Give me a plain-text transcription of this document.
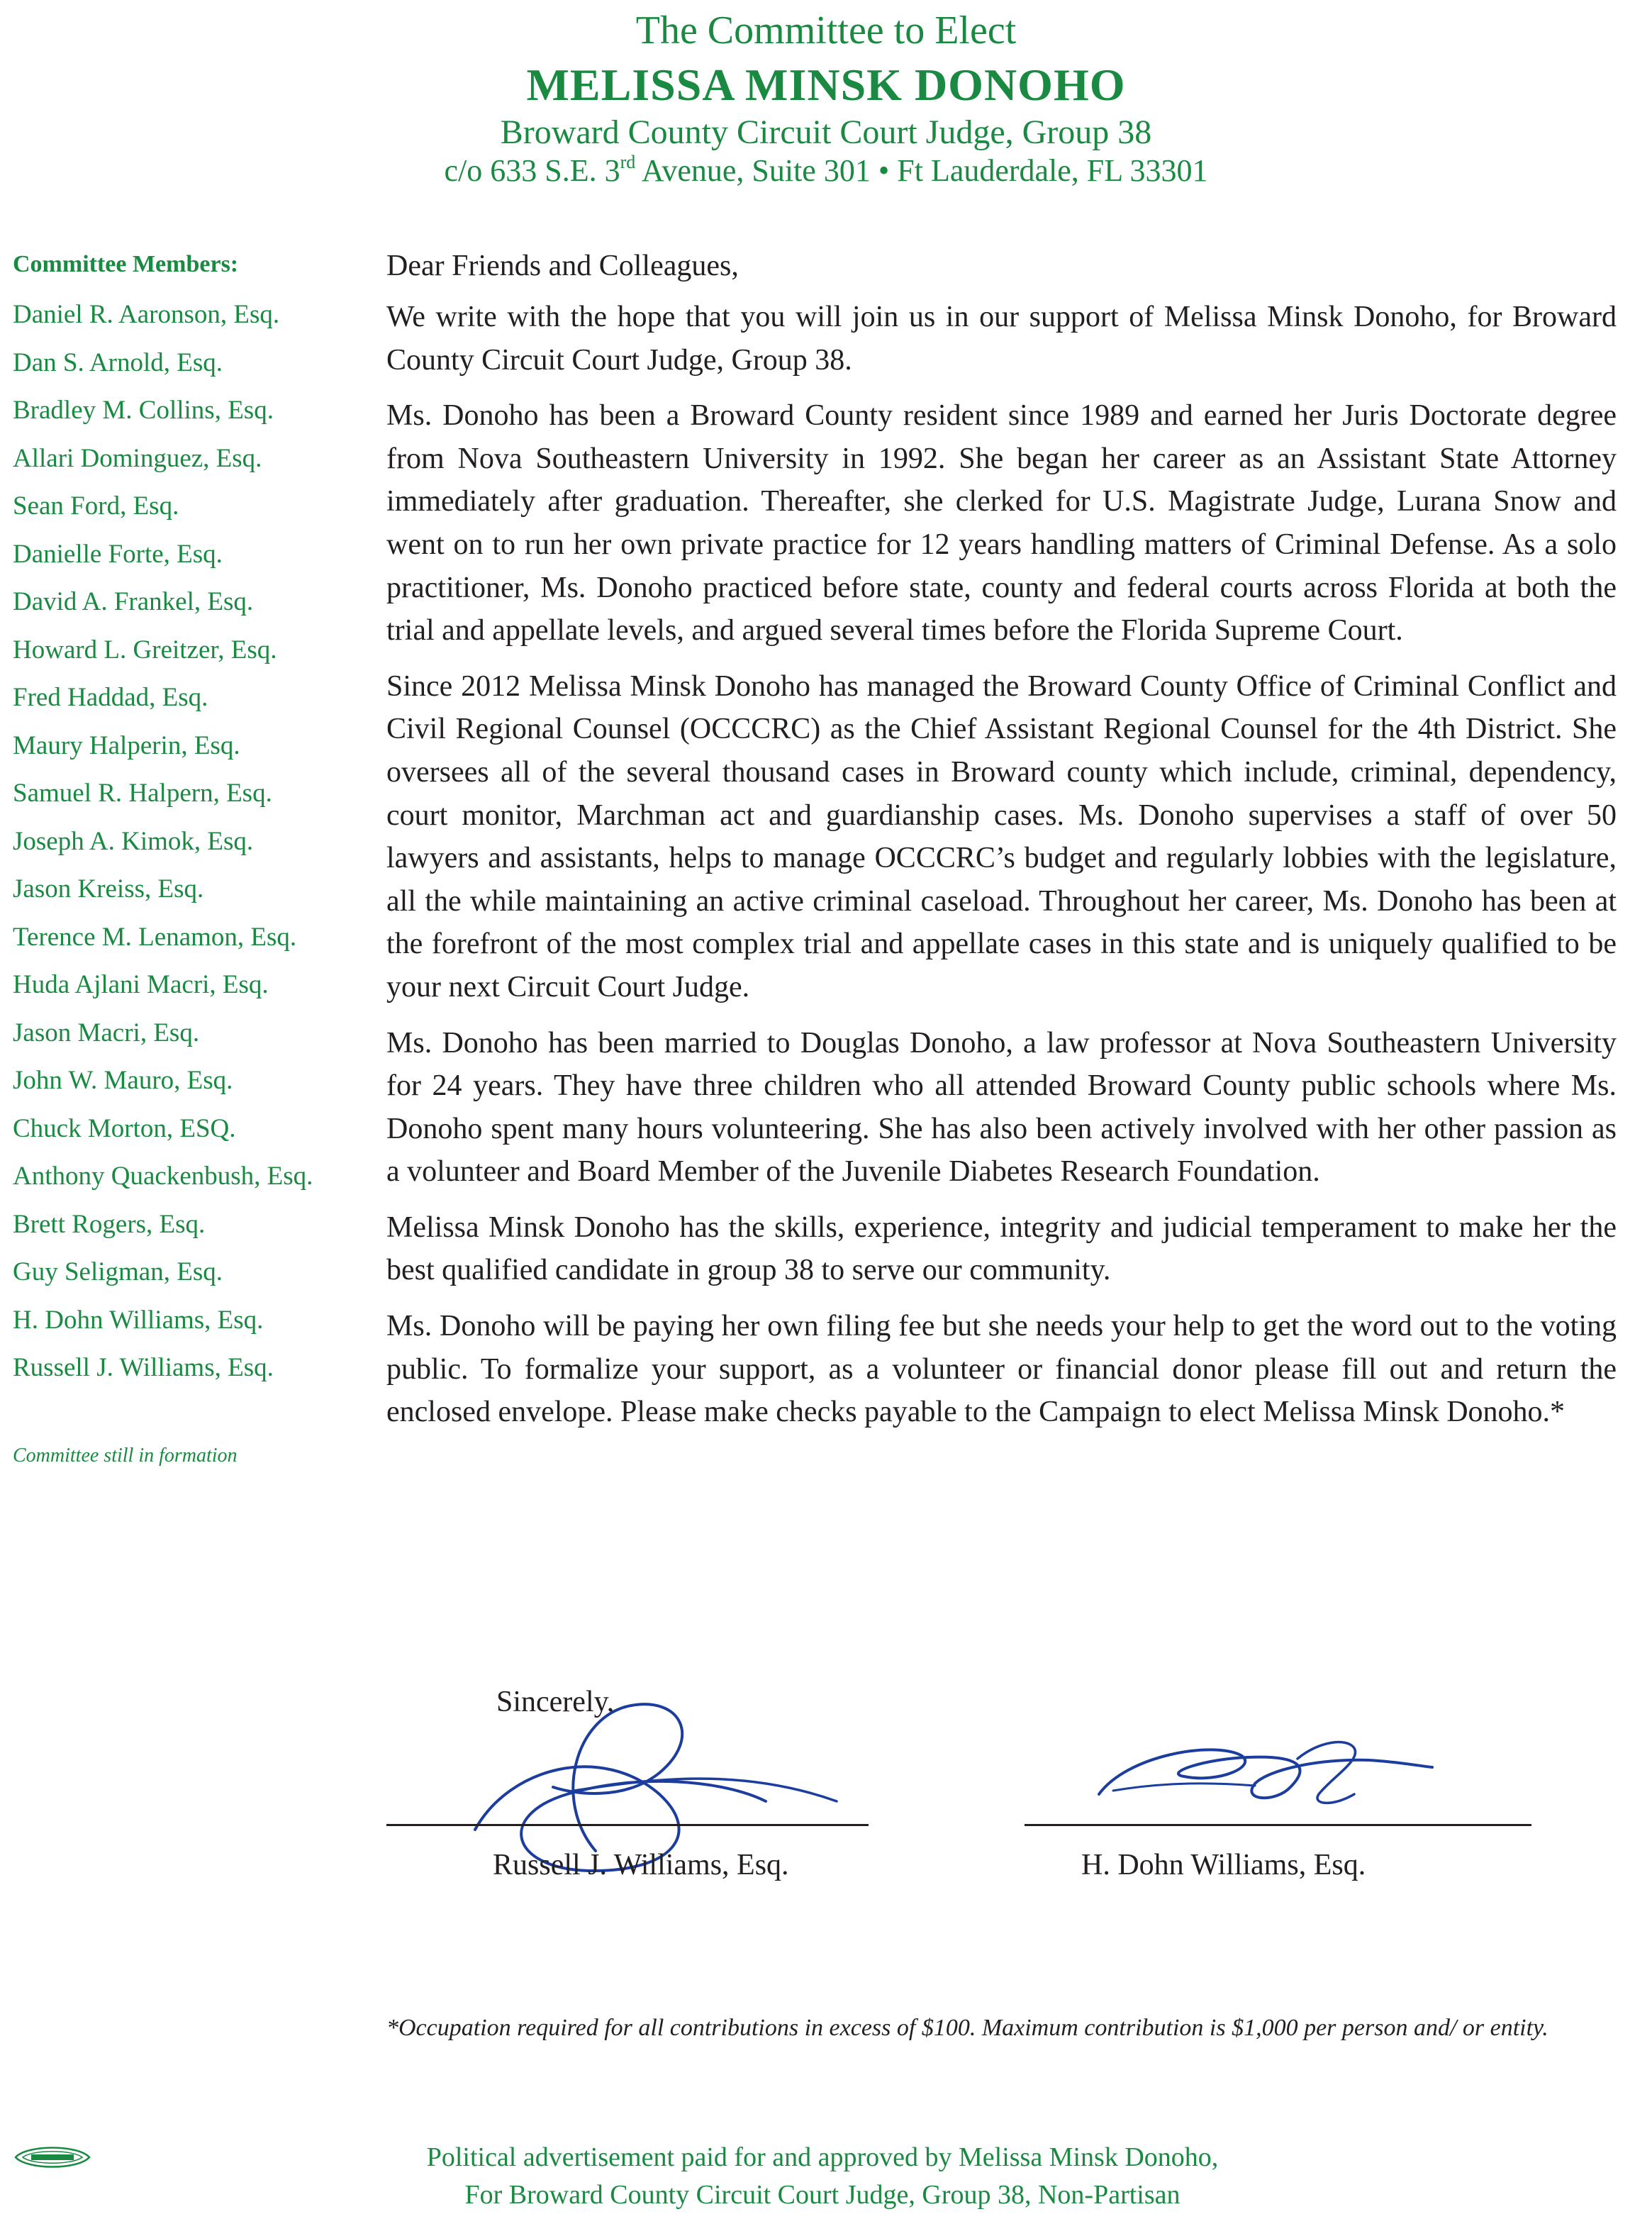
The Committee to Elect
MELISSA MINSK DONOHO
Broward County Circuit Court Judge, Group 38
c/o 633 S.E. 3rd Avenue, Suite 301 • Ft Lauderdale, FL 33301

Committee Members:

Daniel R. Aaronson, Esq.
Dan S. Arnold, Esq.
Bradley M. Collins, Esq.
Allari Dominguez, Esq.
Sean Ford, Esq.
Danielle Forte, Esq.
David A. Frankel, Esq.
Howard L. Greitzer, Esq.
Fred Haddad, Esq.
Maury Halperin, Esq.
Samuel R. Halpern, Esq.
Joseph A. Kimok, Esq.
Jason Kreiss, Esq.
Terence M. Lenamon, Esq.
Huda Ajlani Macri, Esq.
Jason Macri, Esq.
John W. Mauro, Esq.
Chuck Morton, ESQ.
Anthony Quackenbush, Esq.
Brett Rogers, Esq.
Guy Seligman, Esq.
H. Dohn Williams, Esq.
Russell J. Williams, Esq.
Committee still in formation

Dear Friends and Colleagues,

We write with the hope that you will join us in our support of Melissa Minsk Donoho, for Broward County Circuit Court Judge, Group 38.

Ms. Donoho has been a Broward County resident since 1989 and earned her Juris Doctorate degree from Nova Southeastern University in 1992. She began her career as an Assistant State Attorney immediately after graduation. Thereafter, she clerked for U.S. Magistrate Judge, Lurana Snow and went on to run her own private practice for 12 years handling matters of Criminal Defense. As a solo practitioner, Ms. Donoho practiced before state, county and federal courts across Florida at both the trial and appellate levels, and argued several times before the Florida Supreme Court.

Since 2012 Melissa Minsk Donoho has managed the Broward County Office of Criminal Conflict and Civil Regional Counsel (OCCCRC) as the Chief Assistant Regional Counsel for the 4th District. She oversees all of the several thousand cases in Broward county which include, criminal, dependency, court monitor, Marchman act and guardianship cases. Ms. Donoho supervises a staff of over 50 lawyers and assistants, helps to manage OCCCRC’s budget and regularly lobbies with the legislature, all the while maintaining an active criminal caseload. Throughout her career, Ms. Donoho has been at the forefront of the most complex trial and appellate cases in this state and is uniquely qualified to be your next Circuit Court Judge.

Ms. Donoho has been married to Douglas Donoho, a law professor at Nova Southeastern University for 24 years. They have three children who all attended Broward County public schools where Ms. Donoho spent many hours volunteering. She has also been actively involved with her other passion as a volunteer and Board Member of the Juvenile Diabetes Research Foundation.

Melissa Minsk Donoho has the skills, experience, integrity and judicial temperament to make her the best qualified candidate in group 38 to serve our community.

Ms. Donoho will be paying her own filing fee but she needs your help to get the word out to the voting public. To formalize your support, as a volunteer or financial donor please fill out and return the enclosed envelope. Please make checks payable to the Campaign to elect Melissa Minsk Donoho.*

Sincerely,
Russell J. Williams, Esq.	H. Dohn Williams, Esq.
*Occupation required for all contributions in excess of $100. Maximum contribution is $1,000 per person and/ or entity.
Political advertisement paid for and approved by Melissa Minsk Donoho,
For Broward County Circuit Court Judge, Group 38, Non-Partisan
